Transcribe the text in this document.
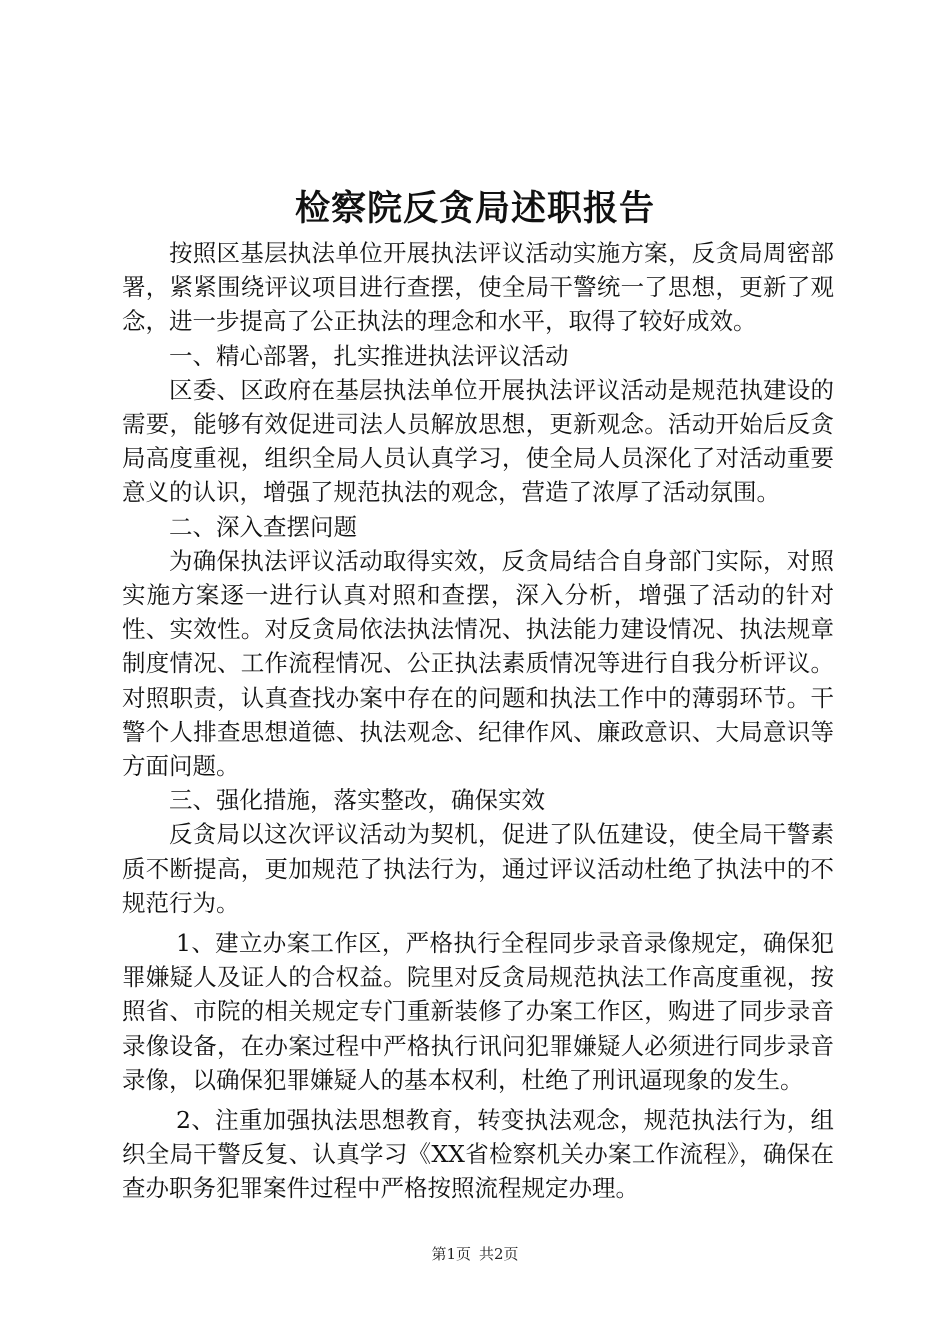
检察院反贪局述职报告

按照区基层执法单位开展执法评议活动实施方案，反贪局周密部署，紧紧围绕评议项目进行查摆，使全局干警统一了思想，更新了观念，进一步提高了公正执法的理念和水平，取得了较好成效。

一、精心部署，扎实推进执法评议活动

区委、区政府在基层执法单位开展执法评议活动是规范执建设的需要，能够有效促进司法人员解放思想，更新观念。活动开始后反贪局高度重视，组织全局人员认真学习，使全局人员深化了对活动重要意义的认识，增强了规范执法的观念，营造了浓厚了活动氛围。

二、深入查摆问题

为确保执法评议活动取得实效，反贪局结合自身部门实际，对照实施方案逐一进行认真对照和查摆，深入分析，增强了活动的针对性、实效性。对反贪局依法执法情况、执法能力建设情况、执法规章制度情况、工作流程情况、公正执法素质情况等进行自我分析评议。对照职责，认真查找办案中存在的问题和执法工作中的薄弱环节。干警个人排查思想道德、执法观念、纪律作风、廉政意识、大局意识等方面问题。

三、强化措施，落实整改，确保实效

反贪局以这次评议活动为契机，促进了队伍建设，使全局干警素质不断提高，更加规范了执法行为，通过评议活动杜绝了执法中的不规范行为。

1、建立办案工作区，严格执行全程同步录音录像规定，确保犯罪嫌疑人及证人的合权益。院里对反贪局规范执法工作高度重视，按照省、市院的相关规定专门重新装修了办案工作区，购进了同步录音录像设备，在办案过程中严格执行讯问犯罪嫌疑人必须进行同步录音录像，以确保犯罪嫌疑人的基本权利，杜绝了刑讯逼现象的发生。

2、注重加强执法思想教育，转变执法观念，规范执法行为，组织全局干警反复、认真学习《XX省检察机关办案工作流程》，确保在查办职务犯罪案件过程中严格按照流程规定办理。

第1页 共2页
